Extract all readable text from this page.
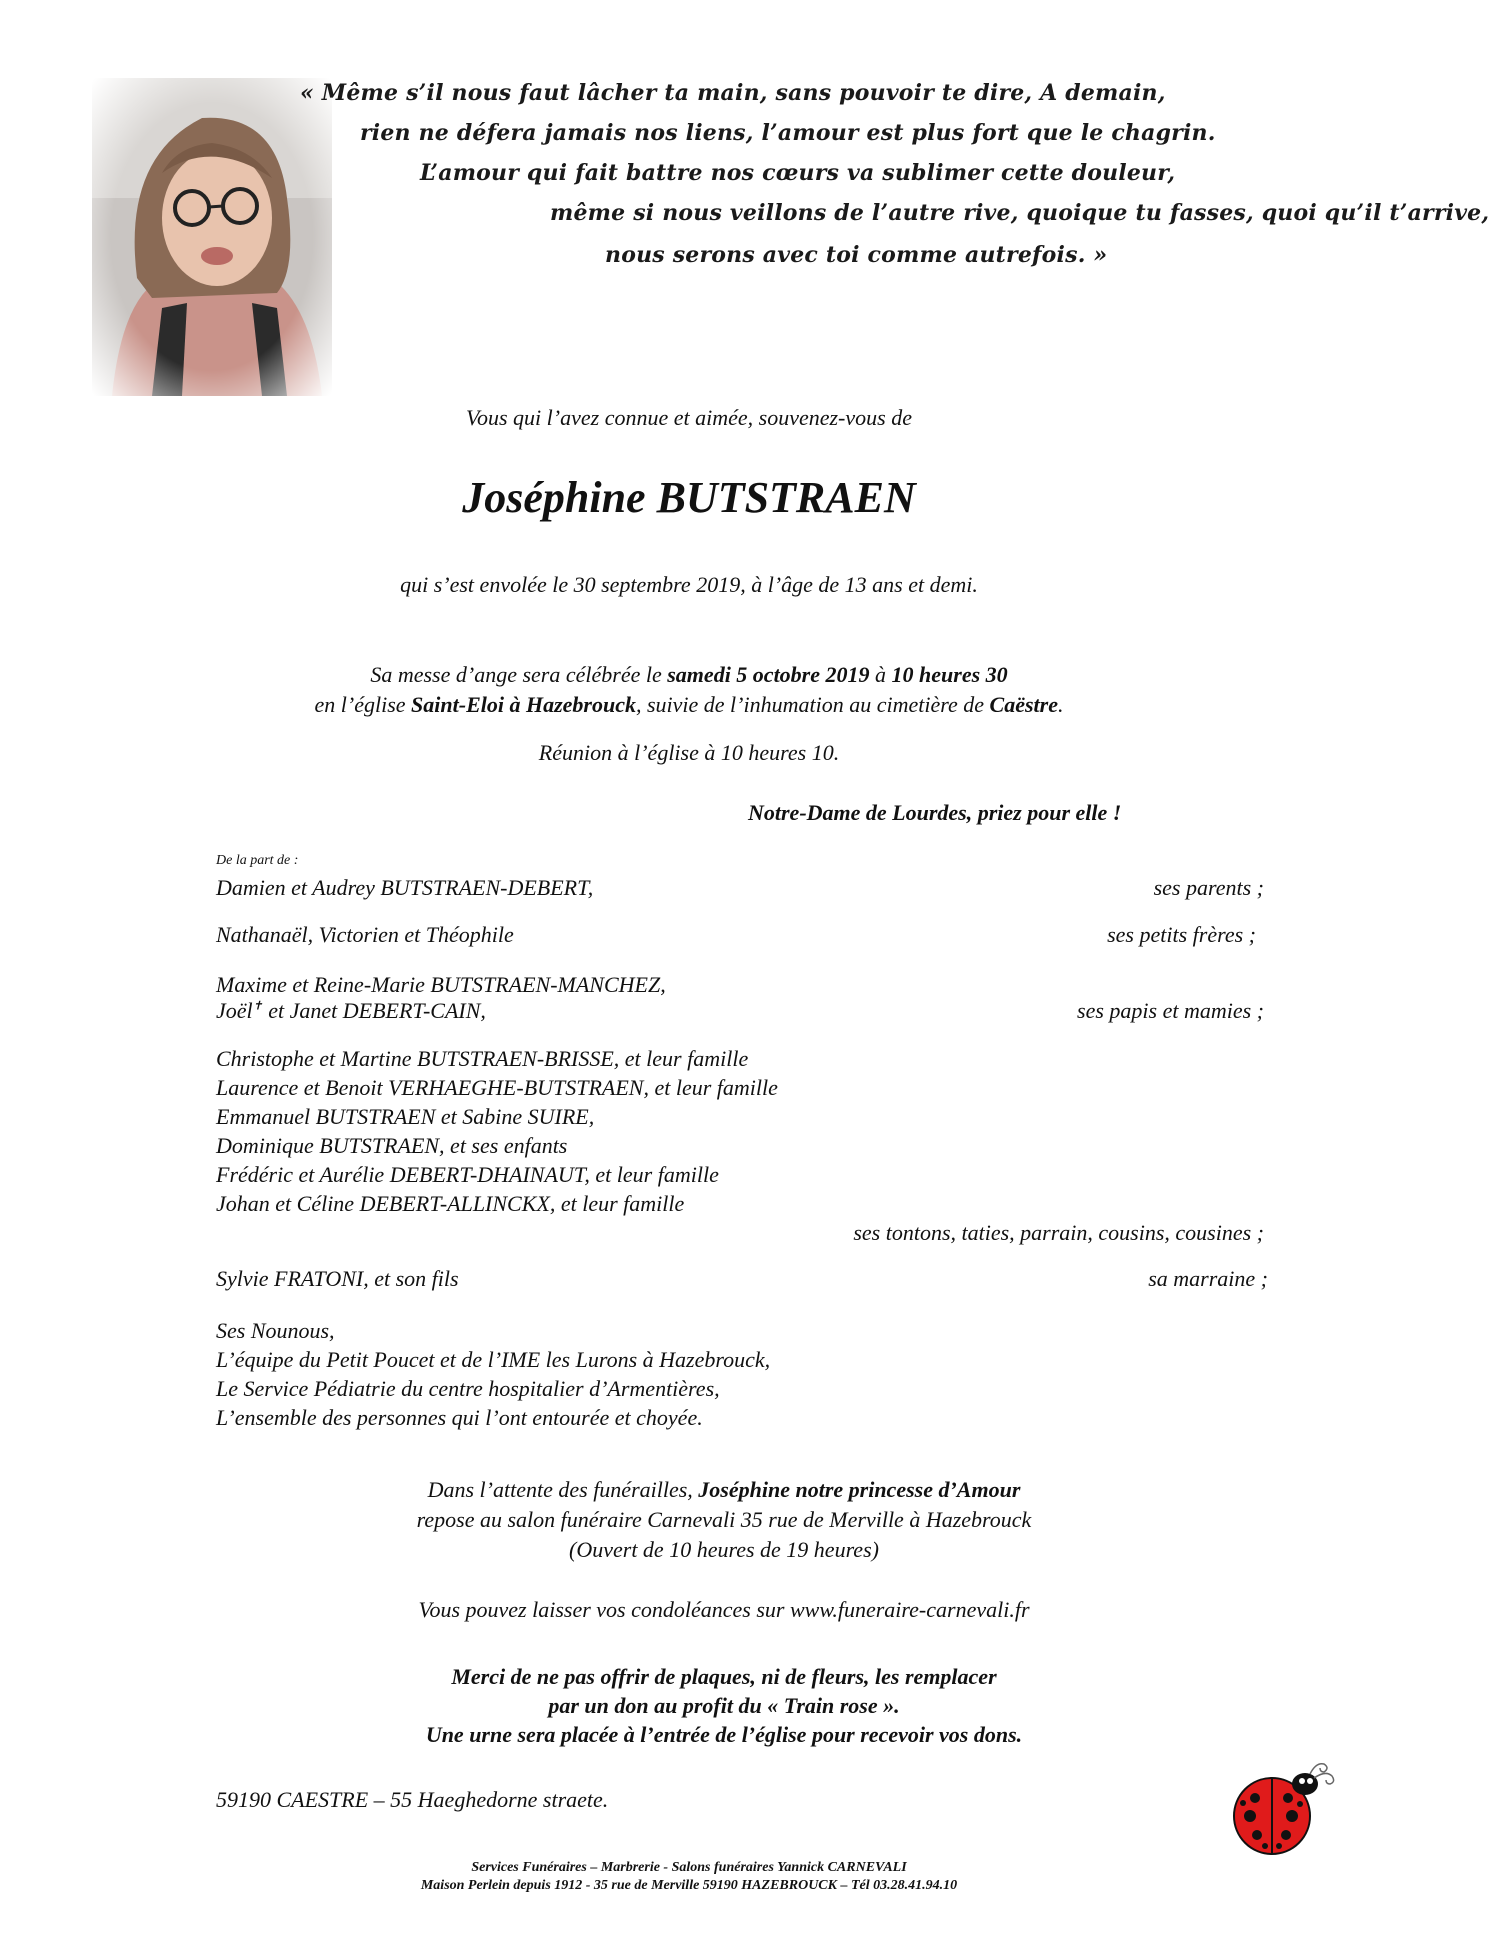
« Même s’il nous faut lâcher ta main, sans pouvoir te dire, A demain,
rien ne défera jamais nos liens, l’amour est plus fort que le chagrin.
L’amour qui fait battre nos cœurs va sublimer cette douleur,
même si nous veillons de l’autre rive, quoique tu fasses, quoi qu’il t’arrive,
nous serons avec toi comme autrefois. »
Vous qui l’avez connue et aimée, souvenez-vous de
Joséphine BUTSTRAEN
qui s’est envolée le 30 septembre 2019, à l’âge de 13 ans et demi.
Sa messe d’ange sera célébrée le samedi 5 octobre 2019 à 10 heures 30
en l’église Saint-Eloi à Hazebrouck, suivie de l’inhumation au cimetière de Caëstre.
Réunion à l’église à 10 heures 10.
Notre-Dame de Lourdes, priez pour elle !
De la part de :
Damien et Audrey BUTSTRAEN-DEBERT,	ses parents ;
Nathanaël, Victorien et Théophile	ses petits frères ;
Maxime et Reine-Marie BUTSTRAEN-MANCHEZ,
Joël✝ et Janet DEBERT-CAIN,	ses papis et mamies ;
Christophe et Martine BUTSTRAEN-BRISSE, et leur famille
Laurence et Benoit VERHAEGHE-BUTSTRAEN, et leur famille
Emmanuel BUTSTRAEN et Sabine SUIRE,
Dominique BUTSTRAEN, et ses enfants
Frédéric et Aurélie DEBERT-DHAINAUT, et leur famille
Johan et Céline DEBERT-ALLINCKX, et leur famille
ses tontons, taties, parrain, cousins, cousines ;
Sylvie FRATONI, et son fils	sa marraine ;
Ses Nounous,
L’équipe du Petit Poucet et de l’IME les Lurons à Hazebrouck,
Le Service Pédiatrie du centre hospitalier d’Armentières,
L’ensemble des personnes qui l’ont entourée et choyée.
Dans l’attente des funérailles, Joséphine notre princesse d’Amour
repose au salon funéraire Carnevali 35 rue de Merville à Hazebrouck
(Ouvert de 10 heures de 19 heures)
Vous pouvez laisser vos condoléances sur www.funeraire-carnevali.fr
Merci de ne pas offrir de plaques, ni de fleurs, les remplacer
par un don au profit du « Train rose ».
Une urne sera placée à l’entrée de l’église pour recevoir vos dons.
59190 CAESTRE – 55 Haeghedorne straete.
Services Funéraires – Marbrerie - Salons funéraires Yannick CARNEVALI
Maison Perlein depuis 1912 - 35 rue de Merville 59190 HAZEBROUCK – Tél 03.28.41.94.10
